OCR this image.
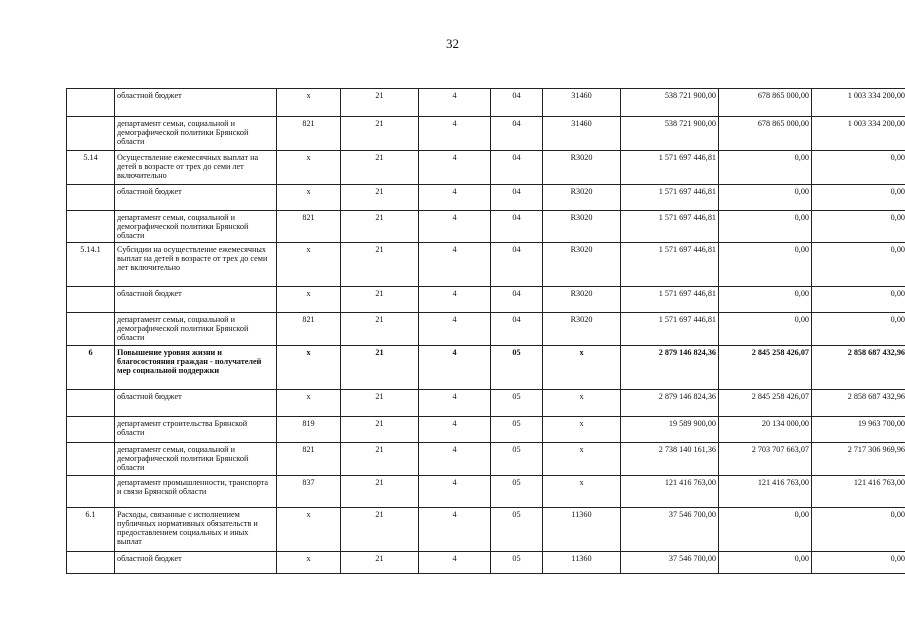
32
	областной бюджет	x	21	4	04	31460	538 721 900,00	678 865 000,00	1 003 334 200,00
	департамент семьи, социальной и демографической политики Брянской области	821	21	4	04	31460	538 721 900,00	678 865 000,00	1 003 334 200,00
5.14	Осуществление ежемесячных выплат на детей в возрасте от трех до семи лет включительно	x	21	4	04	R3020	1 571 697 446,81	0,00	0,00
	областной бюджет	x	21	4	04	R3020	1 571 697 446,81	0,00	0,00
	департамент семьи, социальной и демографической политики Брянской области	821	21	4	04	R3020	1 571 697 446,81	0,00	0,00
5.14.1	Субсидии на осуществление ежемесячных выплат на детей в возрасте от трех до семи лет включительно	x	21	4	04	R3020	1 571 697 446,81	0,00	0,00
	областной бюджет	x	21	4	04	R3020	1 571 697 446,81	0,00	0,00
	департамент семьи, социальной и демографической политики Брянской области	821	21	4	04	R3020	1 571 697 446,81	0,00	0,00
6	Повышение уровня жизни и благосостояния граждан - получателей мер социальной поддержки	x	21	4	05	x	2 879 146 824,36	2 845 258 426,07	2 858 687 432,96
	областной бюджет	x	21	4	05	x	2 879 146 824,36	2 845 258 426,07	2 858 687 432,96
	департамент строительства Брянской области	819	21	4	05	x	19 589 900,00	20 134 000,00	19 963 700,00
	департамент семьи, социальной и демографической политики Брянской области	821	21	4	05	x	2 738 140 161,36	2 703 707 663,07	2 717 306 969,96
	департамент промышленности, транспорта и связи Брянской области	837	21	4	05	x	121 416 763,00	121 416 763,00	121 416 763,00
6.1	Расходы, связанные с исполнением публичных нормативных обязательств и предоставлением социальных и иных выплат	x	21	4	05	11360	37 546 700,00	0,00	0,00
	областной бюджет	x	21	4	05	11360	37 546 700,00	0,00	0,00
